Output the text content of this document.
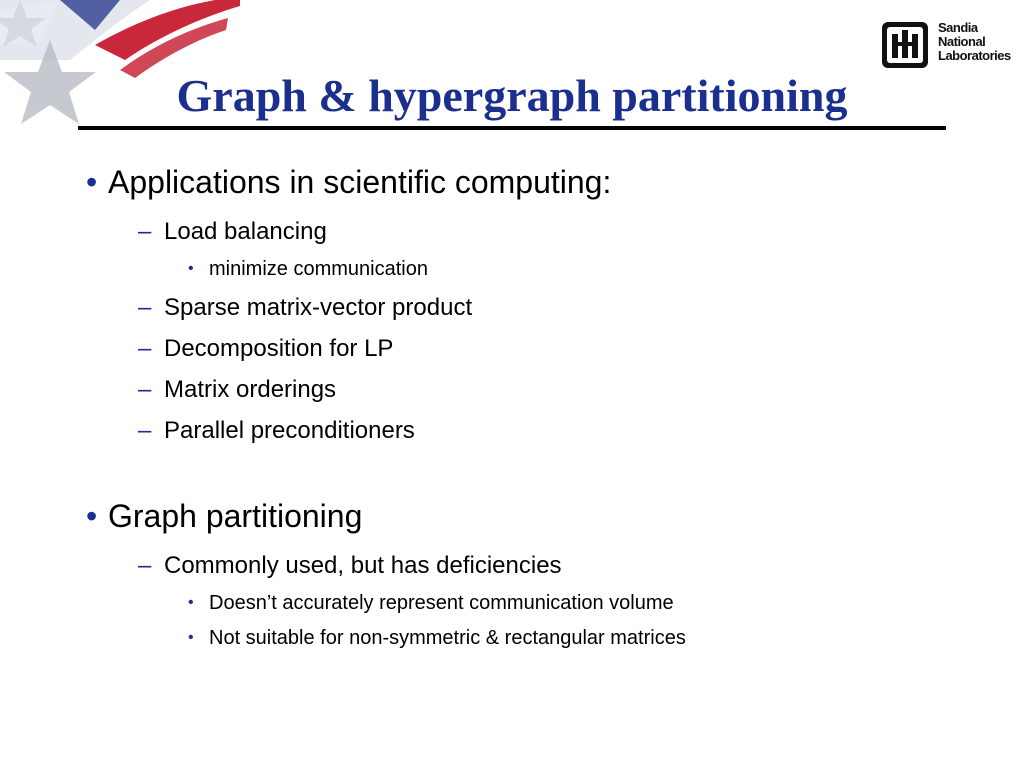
Sandia
National
Laboratories
Graph & hypergraph partitioning
• Applications in scientific computing:
– Load balancing
• minimize communication
– Sparse matrix-vector product
– Decomposition for LP
– Matrix orderings
– Parallel preconditioners
• Graph partitioning
– Commonly used, but has deficiencies
• Doesn’t accurately represent communication volume
• Not suitable for non-symmetric & rectangular matrices
